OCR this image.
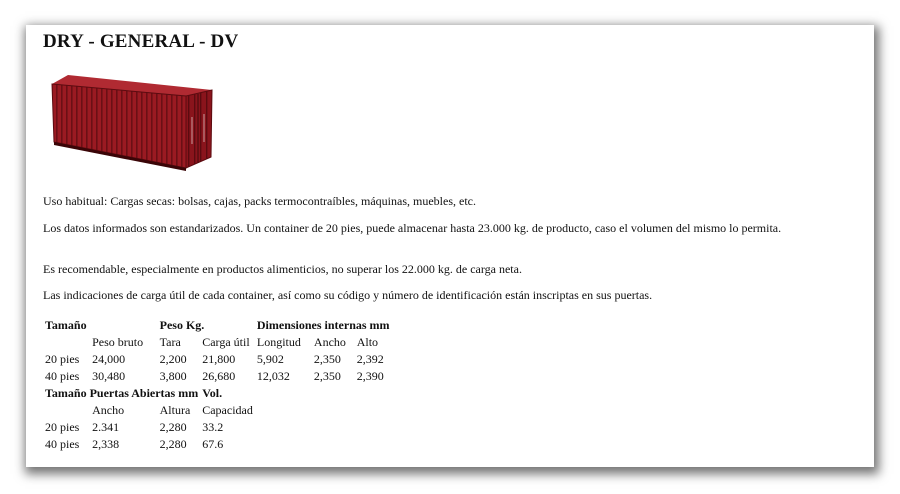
DRY - GENERAL - DV

Uso habitual: Cargas secas: bolsas, cajas, packs termocontraíbles, máquinas, muebles, etc.

Los datos informados son estandarizados. Un container de 20 pies, puede almacenar hasta 23.000 kg. de producto, caso el volumen del mismo lo permita.

Es recomendable, especialmente en productos alimenticios, no superar los 22.000 kg. de carga neta.

Las indicaciones de carga útil de cada container, así como su código y número de identificación están inscriptas en sus puertas.

Tamaño		Peso Kg.		Dimensiones internas mm		
	Peso bruto	Tara	Carga útil	Longitud	Ancho	Alto
20 pies	24,000	2,200	21,800	5,902	2,350	2,392
40 pies	30,480	3,800	26,680	12,032	2,350	2,390
Tamaño Puertas Abiertas mm			Vol.			
	Ancho	Altura	Capacidad			
20 pies	2.341	2,280	33.2			
40 pies	2,338	2,280	67.6			
